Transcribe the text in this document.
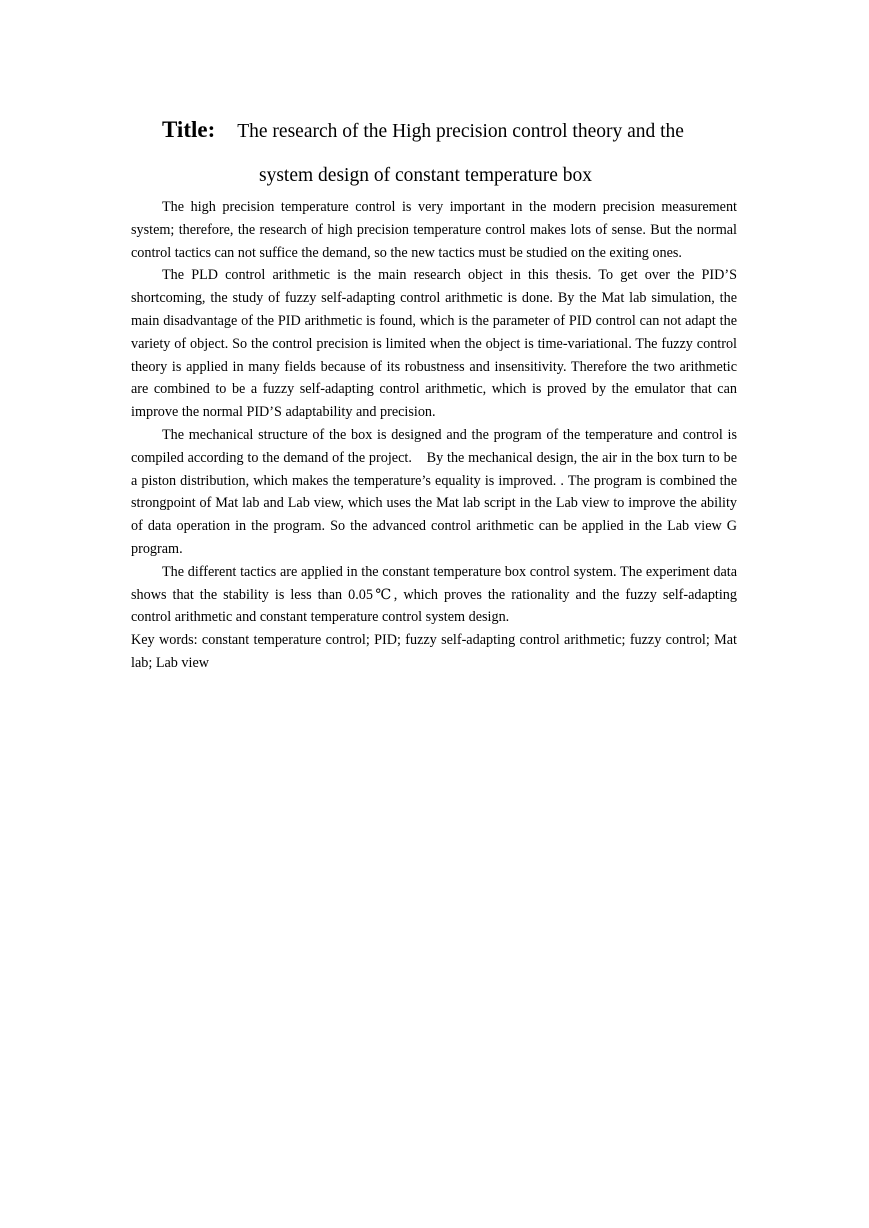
Title: The research of the High precision control theory and the

system design of constant temperature box

The high precision temperature control is very important in the modern precision measurement system; therefore, the research of high precision temperature control makes lots of sense. But the normal control tactics can not suffice the demand, so the new tactics must be studied on the exiting ones.

The PLD control arithmetic is the main research object in this thesis. To get over the PID’S shortcoming, the study of fuzzy self-adapting control arithmetic is done. By the Mat lab simulation, the main disadvantage of the PID arithmetic is found, which is the parameter of PID control can not adapt the variety of object. So the control precision is limited when the object is time-variational. The fuzzy control theory is applied in many fields because of its robustness and insensitivity. Therefore the two arithmetic are combined to be a fuzzy self-adapting control arithmetic, which is proved by the emulator that can improve the normal PID’S adaptability and precision.

The mechanical structure of the box is designed and the program of the temperature and control is compiled according to the demand of the project.　By the mechanical design, the air in the box turn to be a piston distribution, which makes the temperature’s equality is improved. . The program is combined the strongpoint of Mat lab and Lab view, which uses the Mat lab script in the Lab view to improve the ability of data operation in the program. So the advanced control arithmetic can be applied in the Lab view G program.

The different tactics are applied in the constant temperature box control system. The experiment data shows that the stability is less than 0.05℃, which proves the rationality and the fuzzy self-adapting control arithmetic and constant temperature control system design.

Key words: constant temperature control; PID; fuzzy self-adapting control arithmetic; fuzzy control; Mat lab; Lab view
